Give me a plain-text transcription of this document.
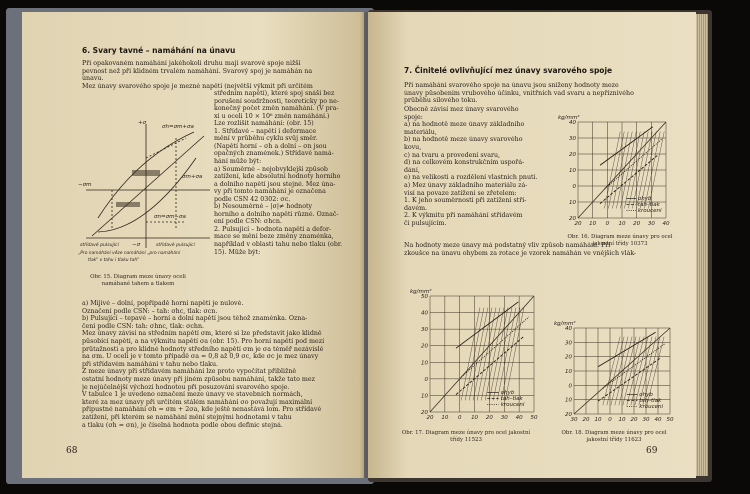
6. Svary tavné – namáhání na únavu
Při opakovaném namáhání jakéhokoli druhu mají svarové spoje nižší
pevnost než při klidném trvalém namáhání. Svarový spoj je namáhán na
únavu.
Mez únavy svarového spoje je mezné napětí (největší výkmit při určitém
středním napětí), které spoj snáší bez
porušení soudržnosti, teoreticky po ne-
konečný počet změn namáhání. (V pra-
xi u oceli 10 × 10⁶ změn namáhání.)
Lze rozlišit namáhání: (obr. 15)
1. Střídavé – napětí i deformace
mění v průběhu cyklu svůj směr.
(Napětí horní – σh a dolní – σn jsou
opačných znamének.) Střídavé namá-
hání může být:
a) Souměrné – nejobvyklejší způsob
zatížení, kde absolutní hodnoty horního
a dolního napětí jsou stejné. Mez úna-
vy při tomto namáhání je označena
podle ČSN 42 0302: σc.
b) Nesouměrné – |σ|≠ hodnoty
horního a dolního napětí různé. Označ-
ení podle ČSN: σhcn.
2. Pulsující – hodnota napětí a defor-
mace se mění beze změny znaménka,
například v oblasti tahu nebo tlaku (obr.
15). Může být:
a) Míjivé – dolní, popřípadě horní napětí je nulové.
Označení podle ČSN: – tah: σhc, tlak: σcn.
b) Pulsující – tepavé – horní a dolní napětí jsou téhož znaménka. Ozna-
čení podle ČSN: tah: σhnc, tlak: σchn.
Mez únavy závisí na středním napětí σm, které si lze představit jako klidně
působící napětí, a na výkmitu napětí σa (obr. 15). Pro horní napětí pod mezí
průtažnosti a pro klidné hodnoty středního napětí σm je σa téměř nezávislé
na σm. U oceli je v tomto případě σa = 0,8 až 0,9 σc, kde σc je mez únavy
při střídavém namáhání v tahu nebo tlaku.
Z meze únavy při střídavém namáhání lze proto vypočítat přibližně
ostatní hodnoty meze únavy při jiném způsobu namáhání, takže tato mez
je nejúčelnější výchozí hodnotou při posuzování svarového spoje.
V tabulce 1 je uvedeno označení meze únavy ve stavebních normách,
které za mez únavy při určitém stálém namáhání σo považují maximální
přípustné namáhání σh = σm + 2σa, kde ještě nenastává lom. Pro střídavé
zatížení, při kterém se namáhání mění stejnými hodnotami v tahu
a tlaku (σh = σn), je číselná hodnota podle obou definic stejná.
σh=σm+σa
σm+σa
σn=σm−σa
−σm
+σ
−σ
střídavé pulsující	střídavé pulsující
„Pro namáhání věze namáhání „pro namáhání
tlak" v tahu i tlaku tah"
Obr. 15. Diagram meze únavy oceli namáhané tahem a tlakem
68
7. Činitelé ovlivňující mez únavy svarového spoje
Při namáhání svarového spoje na únavu jsou sníženy hodnoty meze
únavy působením vrubového účinku, vnitřních vad svaru a nepříznivého
průběhu silového toku.
Obecně závisí mez únavy svarového
spoje:
a) na hodnotě meze únavy základního
materiálu,
b) na hodnotě meze únavy svarového
kovu,
c) na tvaru a provedení svaru,
d) na celkovém konstrukčním uspořá-
dání,
e) na velikosti a rozdělení vlastních pnutí.
a) Mez únavy základního materiálu zá-
visí na povaze zatížení se zřetelem:
1. K jeho souměrnosti při zatížení stří-
davém.
2. K výkmitu při namáhání střídavém
či pulsujícím.
Na hodnoty meze únavy má podstatný vliv způsob namáhání. Při
zkoušce na únavu ohybem za rotace je vzorek namáhán ve vnějších vlák-
40
30
20
10
0
10
20
20 10 0 10 20 30 40
kg/mm²
ohyb
tah–tlak
krouceni
Obr. 16. Diagram meze únavy pro ocel jakostní třídy 10373
50
40
30
20
10
0
10
20
20 10 0 10 20 30 40 50
kg/mm²
ohyb
tah–tlak
krouceni
Obr. 17. Diagram meze únavy pro ocel jakostní třídy 11523
40
30
20
10
0
10
20
30 20 10 0 10 20 30 40 50
kg/mm²
ohyb
tah–tlak
krouceni
Obr. 18. Diagram meze únavy pro ocel jakostní třídy 11623
69
